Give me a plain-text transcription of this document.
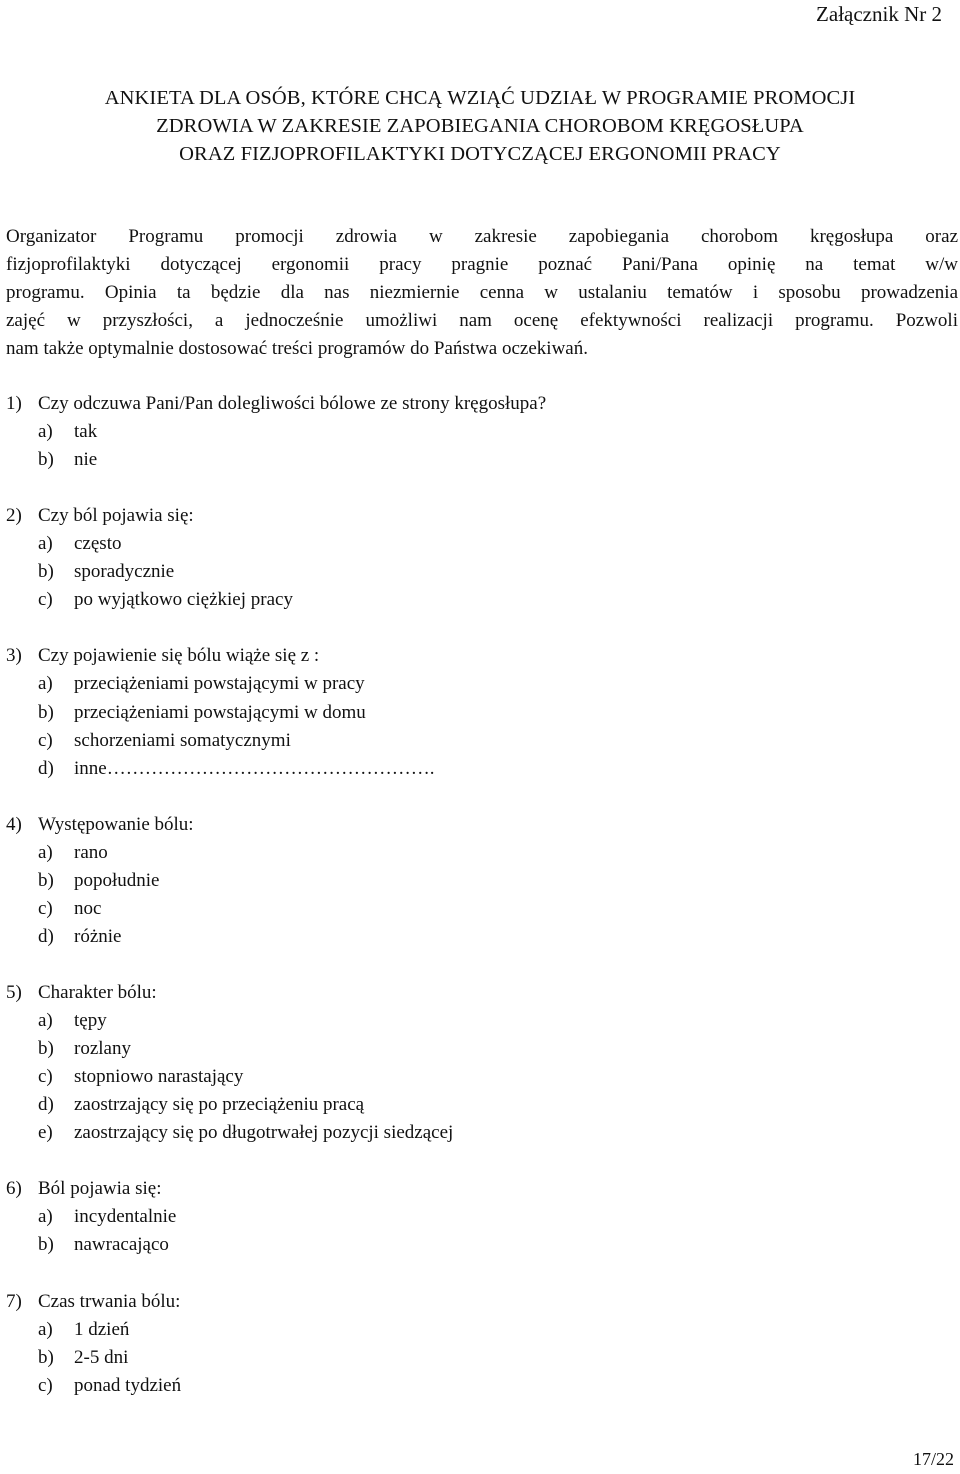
Załącznik Nr 2
ANKIETA DLA OSÓB, KTÓRE CHCĄ WZIĄĆ UDZIAŁ W PROGRAMIE PROMOCJI
ZDROWIA W ZAKRESIE ZAPOBIEGANIA CHOROBOM KRĘGOSŁUPA
ORAZ FIZJOPROFILAKTYKI DOTYCZĄCEJ ERGONOMII PRACY
Organizator Programu promocji zdrowia w zakresie zapobiegania chorobom kręgosłupa oraz
fizjoprofilaktyki dotyczącej ergonomii pracy pragnie poznać Pani/Pana opinię na temat w/w
programu. Opinia ta będzie dla nas niezmiernie cenna w ustalaniu tematów i sposobu prowadzenia
zajęć w przyszłości, a jednocześnie umożliwi nam ocenę efektywności realizacji programu. Pozwoli
nam także optymalnie dostosować treści programów do Państwa oczekiwań.
1) Czy odczuwa Pani/Pan dolegliwości bólowe ze strony kręgosłupa?
a)	tak
b)	nie
2) Czy ból pojawia się:
a)	często
b)	sporadycznie
c)	po wyjątkowo ciężkiej pracy
3) Czy pojawienie się bólu wiąże się z :
a)	przeciążeniami powstającymi w pracy
b)	przeciążeniami powstającymi w domu
c)	schorzeniami somatycznymi
d)	inne…………………………………………….
4) Występowanie bólu:
a)	rano
b)	popołudnie
c)	noc
d)	różnie
5) Charakter bólu:
a)	tępy
b)	rozlany
c)	stopniowo narastający
d)	zaostrzający się po przeciążeniu pracą
e)	zaostrzający się po długotrwałej pozycji siedzącej
6) Ból pojawia się:
a)	incydentalnie
b)	nawracająco
7) Czas trwania bólu:
a)	1 dzień
b)	2-5 dni
c)	ponad tydzień
17/22
